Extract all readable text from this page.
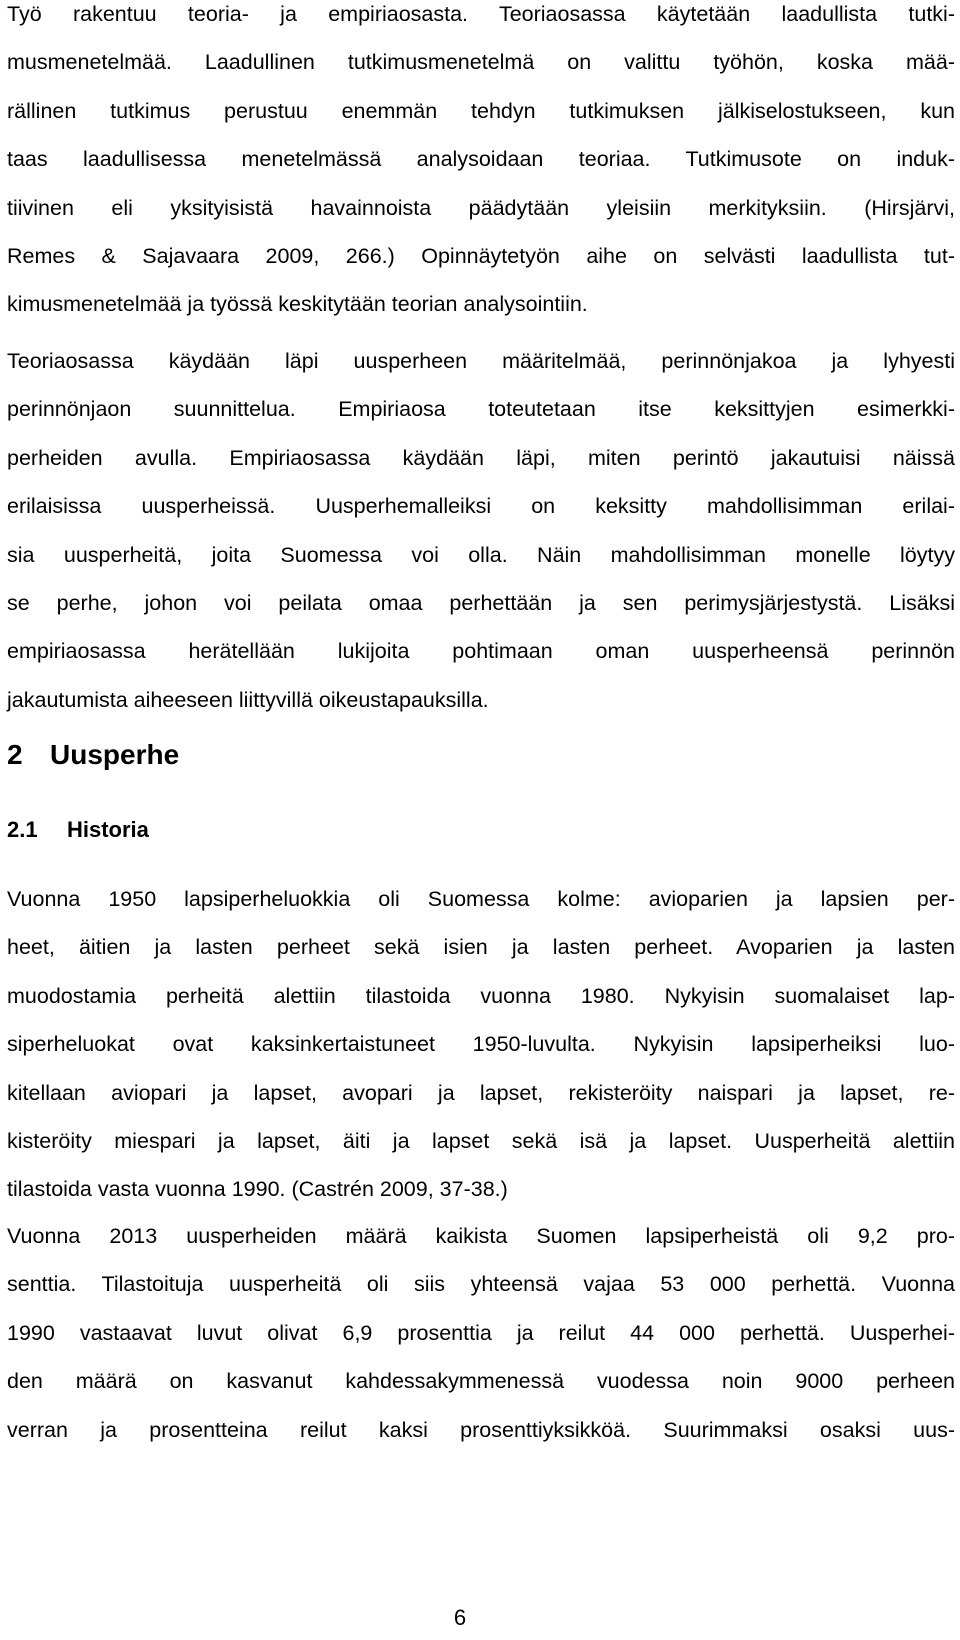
Työ rakentuu teoria- ja empiriaosasta. Teoriaosassa käytetään laadullista tutki-
musmenetelmää. Laadullinen tutkimusmenetelmä on valittu työhön, koska mää-
rällinen tutkimus perustuu enemmän tehdyn tutkimuksen jälkiselostukseen, kun
taas laadullisessa menetelmässä analysoidaan teoriaa. Tutkimusote on induk-
tiivinen eli yksityisistä havainnoista päädytään yleisiin merkityksiin. (Hirsjärvi,
Remes & Sajavaara 2009, 266.) Opinnäytetyön aihe on selvästi laadullista tut-
kimusmenetelmää ja työssä keskitytään teorian analysointiin.
Teoriaosassa käydään läpi uusperheen määritelmää, perinnönjakoa ja lyhyesti
perinnönjaon suunnittelua. Empiriaosa toteutetaan itse keksittyjen esimerkki-
perheiden avulla. Empiriaosassa käydään läpi, miten perintö jakautuisi näissä
erilaisissa uusperheissä. Uusperhemalleiksi on keksitty mahdollisimman erilai-
sia uusperheitä, joita Suomessa voi olla. Näin mahdollisimman monelle löytyy
se perhe, johon voi peilata omaa perhettään ja sen perimysjärjestystä. Lisäksi
empiriaosassa herätellään lukijoita pohtimaan oman uusperheensä perinnön
jakautumista aiheeseen liittyvillä oikeustapauksilla.
2 Uusperhe
2.1 Historia
Vuonna 1950 lapsiperheluokkia oli Suomessa kolme: avioparien ja lapsien per-
heet, äitien ja lasten perheet sekä isien ja lasten perheet. Avoparien ja lasten
muodostamia perheitä alettiin tilastoida vuonna 1980. Nykyisin suomalaiset lap-
siperheluokat ovat kaksinkertaistuneet 1950-luvulta. Nykyisin lapsiperheiksi luo-
kitellaan aviopari ja lapset, avopari ja lapset, rekisteröity naispari ja lapset, re-
kisteröity miespari ja lapset, äiti ja lapset sekä isä ja lapset. Uusperheitä alettiin
tilastoida vasta vuonna 1990. (Castrén 2009, 37-38.)
Vuonna 2013 uusperheiden määrä kaikista Suomen lapsiperheistä oli 9,2 pro-
senttia. Tilastoituja uusperheitä oli siis yhteensä vajaa 53 000 perhettä. Vuonna
1990 vastaavat luvut olivat 6,9 prosenttia ja reilut 44 000 perhettä. Uusperhei-
den määrä on kasvanut kahdessakymmenessä vuodessa noin 9000 perheen
verran ja prosentteina reilut kaksi prosenttiyksikköä. Suurimmaksi osaksi uus-
6
